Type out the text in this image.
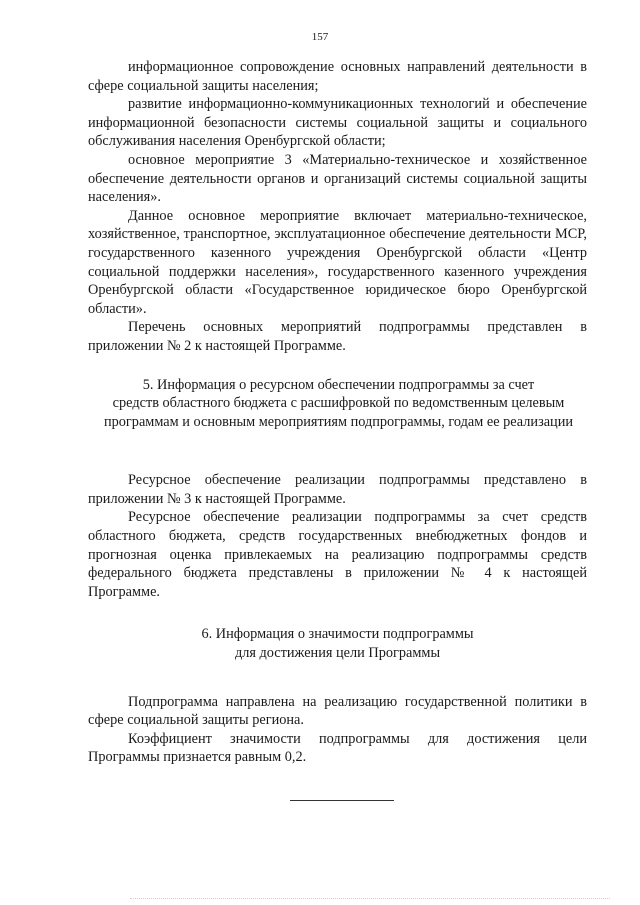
157

информационное сопровождение основных направлений деятельности в сфере социальной защиты населения;

развитие информационно-коммуникационных технологий и обеспечение информационной безопасности системы социальной защиты и социального обслуживания населения Оренбургской области;

основное мероприятие 3 «Материально-техническое и хозяйственное обеспечение деятельности органов и организаций системы социальной защиты населения».

Данное основное мероприятие включает материально-техническое, хозяйственное, транспортное, эксплуатационное обеспечение деятельности МСР, государственного казенного учреждения Оренбургской области «Центр социальной поддержки населения», государственного казенного учреждения Оренбургской области «Государственное юридическое бюро Оренбургской области».

Перечень основных мероприятий подпрограммы представлен в приложении № 2 к настоящей Программе.

5. Информация о ресурсном обеспечении подпрограммы за счет
средств областного бюджета с расшифровкой по ведомственным целевым
программам и основным мероприятиям подпрограммы, годам ее реализации

Ресурсное обеспечение реализации подпрограммы представлено в приложении № 3 к настоящей Программе.

Ресурсное обеспечение реализации подпрограммы за счет средств областного бюджета, средств государственных внебюджетных фондов и прогнозная оценка привлекаемых на реализацию подпрограммы средств федерального бюджета представлены в приложении № 4 к настоящей Программе.

6. Информация о значимости подпрограммы
для достижения цели Программы

Подпрограмма направлена на реализацию государственной политики в сфере социальной защиты региона.

Коэффициент значимости подпрограммы для достижения цели Программы признается равным 0,2.
